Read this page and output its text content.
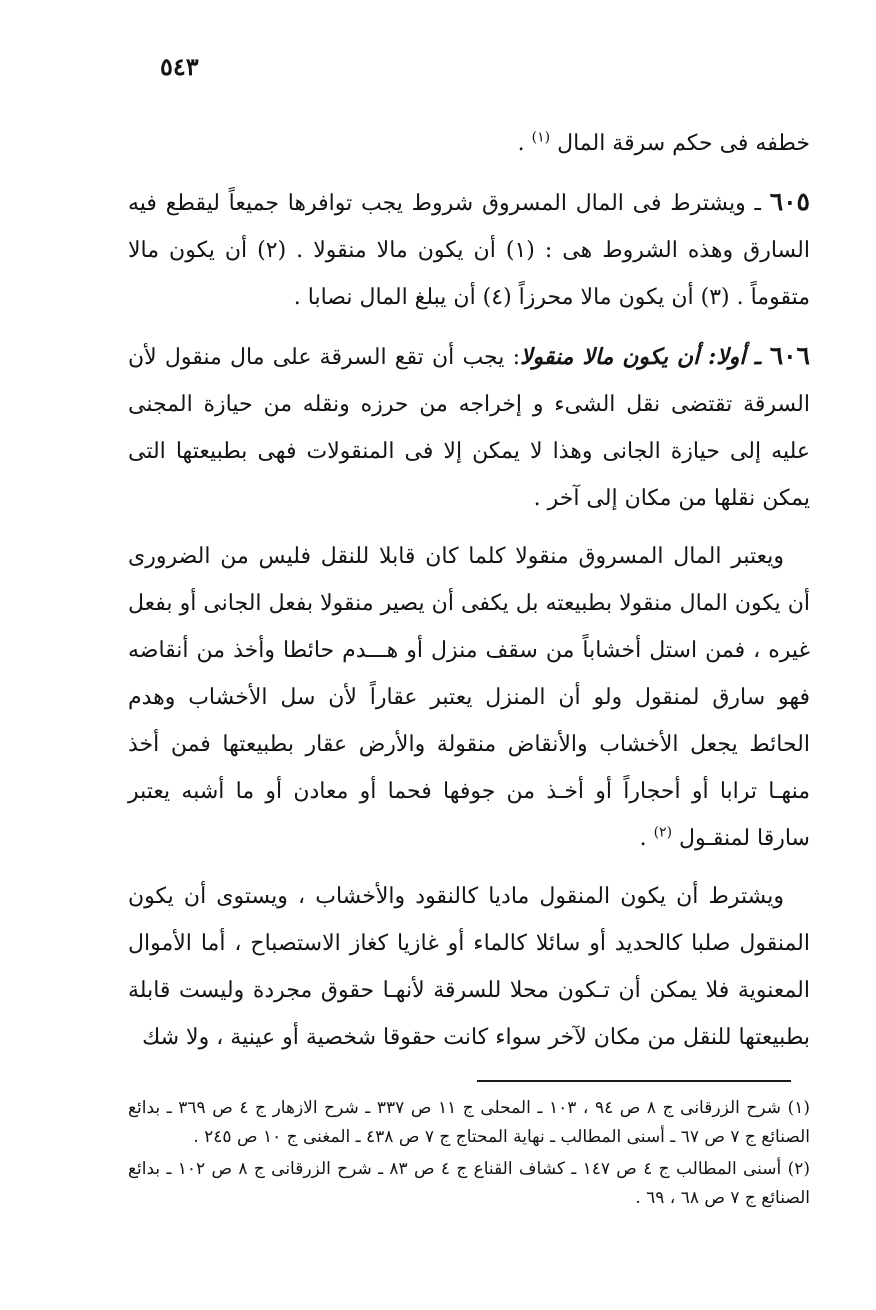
٥٤٣

خطفه فى حكم سرقة المال $^{(١)}$ .

٦٠٥ ـ ويشترط فى المال المسروق شروط يجب توافرها جميعاً ليقطع فيه السارق وهذه الشروط هى : (١) أن يكون مالا منقولا . (٢) أن يكون مالا متقوماً . (٣) أن يكون مالا محرزاً (٤) أن يبلغ المال نصابا .

٦٠٦ ـ أولا: أن يكون مالا منقولا: يجب أن تقع السرقة على مال منقول لأن السرقة تقتضى نقل الشىء و إخراجه من حرزه ونقله من حيازة المجنى عليه إلى حيازة الجانى وهذا لا يمكن إلا فى المنقولات فهى بطبيعتها التى يمكن نقلها من مكان إلى آخر .

ويعتبر المال المسروق منقولا كلما كان قابلا للنقل فليس من الضرورى أن يكون المال منقولا بطبيعته بل يكفى أن يصير منقولا بفعل الجانى أو بفعل غيره ، فمن استل أخشاباً من سقف منزل أو هـــدم حائطا وأخذ من أنقاضه فهو سارق لمنقول ولو أن المنزل يعتبر عقاراً لأن سل الأخشاب وهدم الحائط يجعل الأخشاب والأنقاض منقولة والأرض عقار بطبيعتها فمن أخذ منهـا ترابا أو أحجاراً أو أخـذ من جوفها فحما أو معادن أو ما أشبه يعتبر سارقا لمنقـول $^{(٢)}$ .

ويشترط أن يكون المنقول ماديا كالنقود والأخشاب ، ويستوى أن يكون المنقول صلبا كالحديد أو سائلا كالماء أو غازيا كغاز الاستصباح ، أما الأموال المعنوية فلا يمكن أن تـكون محلا للسرقة لأنهـا حقوق مجردة وليست قابلة بطبيعتها للنقل من مكان لآخر سواء كانت حقوقا شخصية أو عينية ، ولا شك

(١) شرح الزرقانى ج ٨ ص ٩٤ ، ١٠٣ ـ المحلى ج ١١ ص ٣٣٧ ـ شرح الازهار ج ٤ ص ٣٦٩ ـ بدائع الصنائع ج ٧ ص ٦٧ ـ أسنى المطالب ـ نهاية المحتاج ج ٧ ص ٤٣٨ ـ المغنى ج ١٠ ص ٢٤٥ .

(٢) أسنى المطالب ج ٤ ص ١٤٧ ـ كشاف القناع ج ٤ ص ٨٣ ـ شرح الزرقانى ج ٨ ص ١٠٢ ـ بدائع الصنائع ج ٧ ص ٦٨ ، ٦٩ .
